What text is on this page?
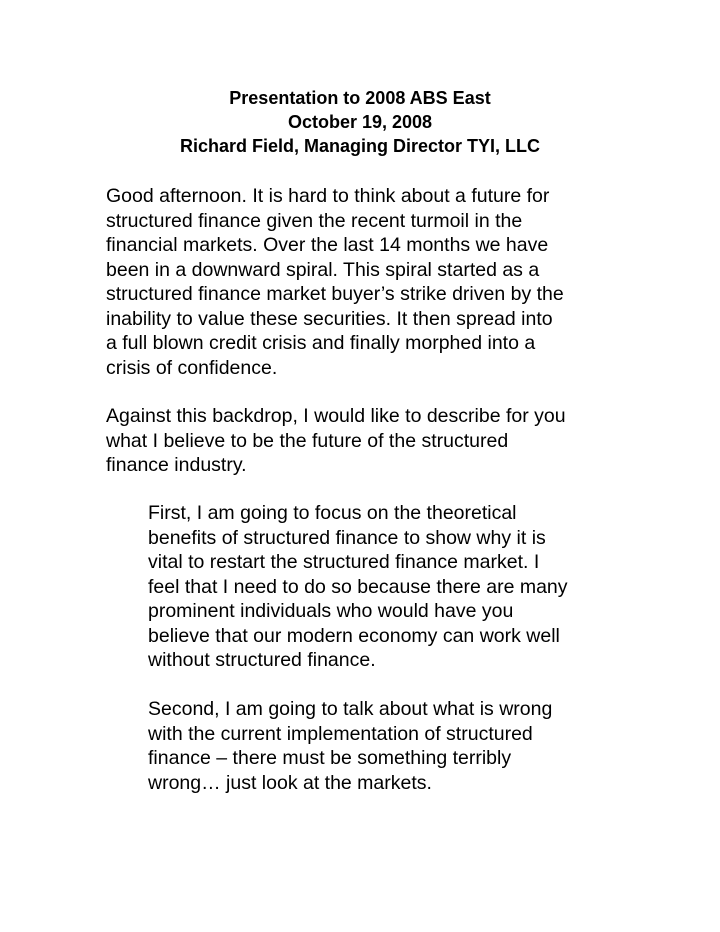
Presentation to 2008 ABS East
October 19, 2008
Richard Field, Managing Director TYI, LLC
Good afternoon. It is hard to think about a future for
structured finance given the recent turmoil in the
financial markets. Over the last 14 months we have
been in a downward spiral. This spiral started as a
structured finance market buyer’s strike driven by the
inability to value these securities. It then spread into
a full blown credit crisis and finally morphed into a
crisis of confidence.
Against this backdrop, I would like to describe for you
what I believe to be the future of the structured
finance industry.
First, I am going to focus on the theoretical
benefits of structured finance to show why it is
vital to restart the structured finance market. I
feel that I need to do so because there are many
prominent individuals who would have you
believe that our modern economy can work well
without structured finance.
Second, I am going to talk about what is wrong
with the current implementation of structured
finance – there must be something terribly
wrong… just look at the markets.
